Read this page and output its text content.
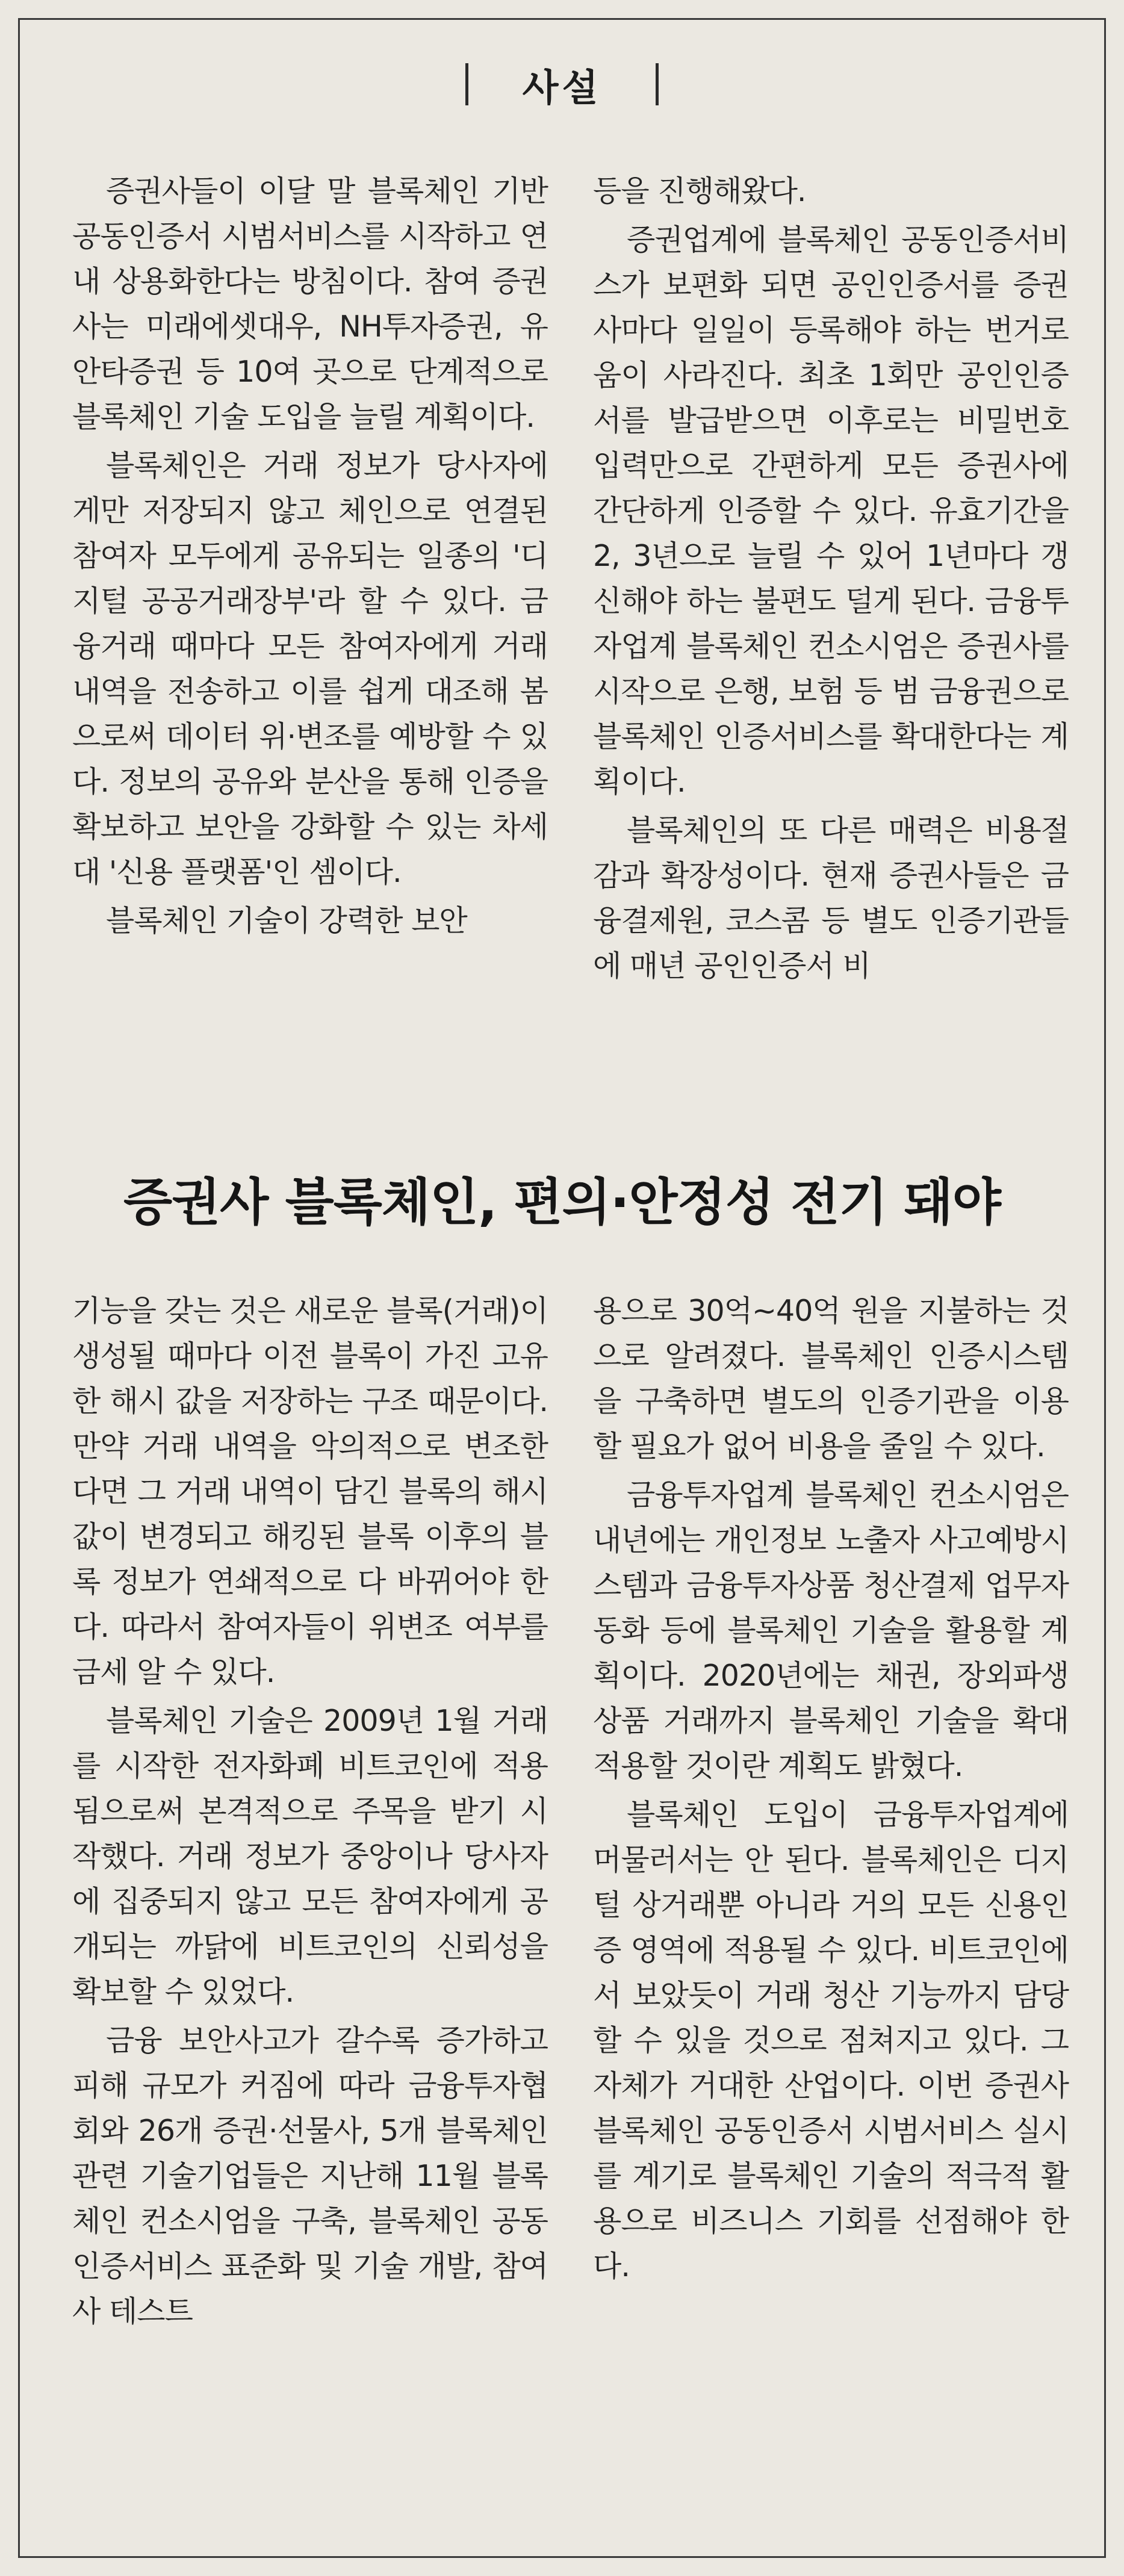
사설

증권사들이 이달 말 블록체인 기반 공동인증서 시범서비스를 시작하고 연내 상용화한다는 방침이다. 참여 증권사는 미래에셋대우, NH투자증권, 유안타증권 등 10여 곳으로 단계적으로 블록체인 기술 도입을 늘릴 계획이다.

블록체인은 거래 정보가 당사자에게만 저장되지 않고 체인으로 연결된 참여자 모두에게 공유되는 일종의 '디지털 공공거래장부'라 할 수 있다. 금융거래 때마다 모든 참여자에게 거래내역을 전송하고 이를 쉽게 대조해 봄으로써 데이터 위·변조를 예방할 수 있다. 정보의 공유와 분산을 통해 인증을 확보하고 보안을 강화할 수 있는 차세대 '신용 플랫폼'인 셈이다.

블록체인 기술이 강력한 보안

등을 진행해왔다.

증권업계에 블록체인 공동인증서비스가 보편화 되면 공인인증서를 증권사마다 일일이 등록해야 하는 번거로움이 사라진다. 최초 1회만 공인인증서를 발급받으면 이후로는 비밀번호 입력만으로 간편하게 모든 증권사에 간단하게 인증할 수 있다. 유효기간을 2, 3년으로 늘릴 수 있어 1년마다 갱신해야 하는 불편도 덜게 된다. 금융투자업계 블록체인 컨소시엄은 증권사를 시작으로 은행, 보험 등 범 금융권으로 블록체인 인증서비스를 확대한다는 계획이다.

블록체인의 또 다른 매력은 비용절감과 확장성이다. 현재 증권사들은 금융결제원, 코스콤 등 별도 인증기관들에 매년 공인인증서 비

증권사 블록체인, 편의·안정성 전기 돼야

기능을 갖는 것은 새로운 블록(거래)이 생성될 때마다 이전 블록이 가진 고유한 해시 값을 저장하는 구조 때문이다. 만약 거래 내역을 악의적으로 변조한다면 그 거래 내역이 담긴 블록의 해시 값이 변경되고 해킹된 블록 이후의 블록 정보가 연쇄적으로 다 바뀌어야 한다. 따라서 참여자들이 위변조 여부를 금세 알 수 있다.

블록체인 기술은 2009년 1월 거래를 시작한 전자화폐 비트코인에 적용됨으로써 본격적으로 주목을 받기 시작했다. 거래 정보가 중앙이나 당사자에 집중되지 않고 모든 참여자에게 공개되는 까닭에 비트코인의 신뢰성을 확보할 수 있었다.

금융 보안사고가 갈수록 증가하고 피해 규모가 커짐에 따라 금융투자협회와 26개 증권·선물사, 5개 블록체인 관련 기술기업들은 지난해 11월 블록체인 컨소시엄을 구축, 블록체인 공동인증서비스 표준화 및 기술 개발, 참여사 테스트

용으로 30억~40억 원을 지불하는 것으로 알려졌다. 블록체인 인증시스템을 구축하면 별도의 인증기관을 이용할 필요가 없어 비용을 줄일 수 있다.

금융투자업계 블록체인 컨소시엄은 내년에는 개인정보 노출자 사고예방시스템과 금융투자상품 청산결제 업무자동화 등에 블록체인 기술을 활용할 계획이다. 2020년에는 채권, 장외파생상품 거래까지 블록체인 기술을 확대 적용할 것이란 계획도 밝혔다.

블록체인 도입이 금융투자업계에 머물러서는 안 된다. 블록체인은 디지털 상거래뿐 아니라 거의 모든 신용인증 영역에 적용될 수 있다. 비트코인에서 보았듯이 거래 청산 기능까지 담당할 수 있을 것으로 점쳐지고 있다. 그 자체가 거대한 산업이다. 이번 증권사 블록체인 공동인증서 시범서비스 실시를 계기로 블록체인 기술의 적극적 활용으로 비즈니스 기회를 선점해야 한다.
